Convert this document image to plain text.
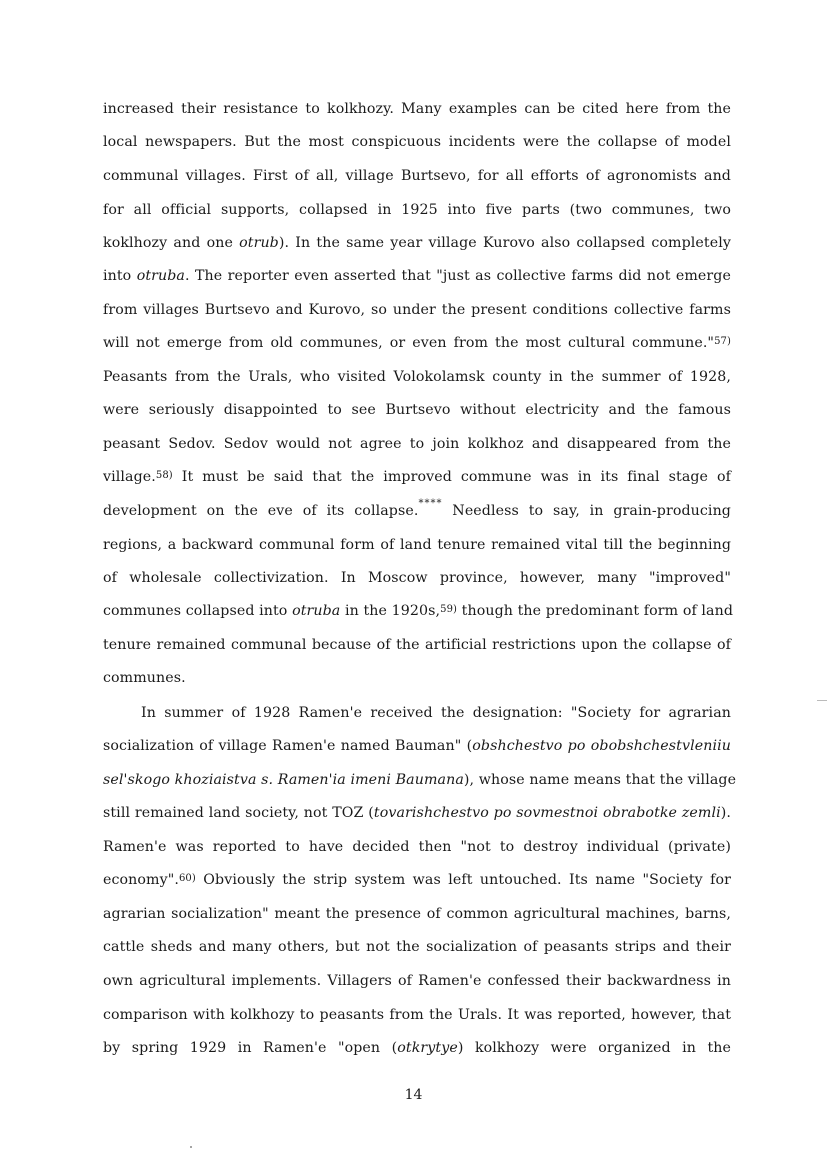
increased their resistance to kolkhozy. Many examples can be cited here from the
local newspapers. But the most conspicuous incidents were the collapse of model
communal villages. First of all, village Burtsevo, for all efforts of agronomists and
for all official supports, collapsed in 1925 into five parts (two communes, two
koklhozy and one otrub). In the same year village Kurovo also collapsed completely
into otruba. The reporter even asserted that "just as collective farms did not emerge
from villages Burtsevo and Kurovo, so under the present conditions collective farms
will not emerge from old communes, or even from the most cultural commune."$^{57)}$
Peasants from the Urals, who visited Volokolamsk county in the summer of 1928,
were seriously disappointed to see Burtsevo without electricity and the famous
peasant Sedov. Sedov would not agree to join kolkhoz and disappeared from the
village.$^{58)}$ It must be said that the improved commune was in its final stage of
development on the eve of its collapse.**** Needless to say, in grain-producing
regions, a backward communal form of land tenure remained vital till the beginning
of wholesale collectivization. In Moscow province, however, many "improved"
communes collapsed into otruba in the 1920s,$^{59)}$ though the predominant form of land
tenure remained communal because of the artificial restrictions upon the collapse of
communes.
In summer of 1928 Ramen'e received the designation: "Society for agrarian
socialization of village Ramen'e named Bauman" (obshchestvo po obobshchestvleniiu
sel'skogo khoziaistva s. Ramen'ia imeni Baumana), whose name means that the village
still remained land society, not TOZ (tovarishchestvo po sovmestnoi obrabotke zemli).
Ramen'e was reported to have decided then "not to destroy individual (private)
economy".$^{60)}$ Obviously the strip system was left untouched. Its name "Society for
agrarian socialization" meant the presence of common agricultural machines, barns,
cattle sheds and many others, but not the socialization of peasants strips and their
own agricultural implements. Villagers of Ramen'e confessed their backwardness in
comparison with kolkhozy to peasants from the Urals. It was reported, however, that
by spring 1929 in Ramen'e "open (otkrytye) kolkhozy were organized in the
14
